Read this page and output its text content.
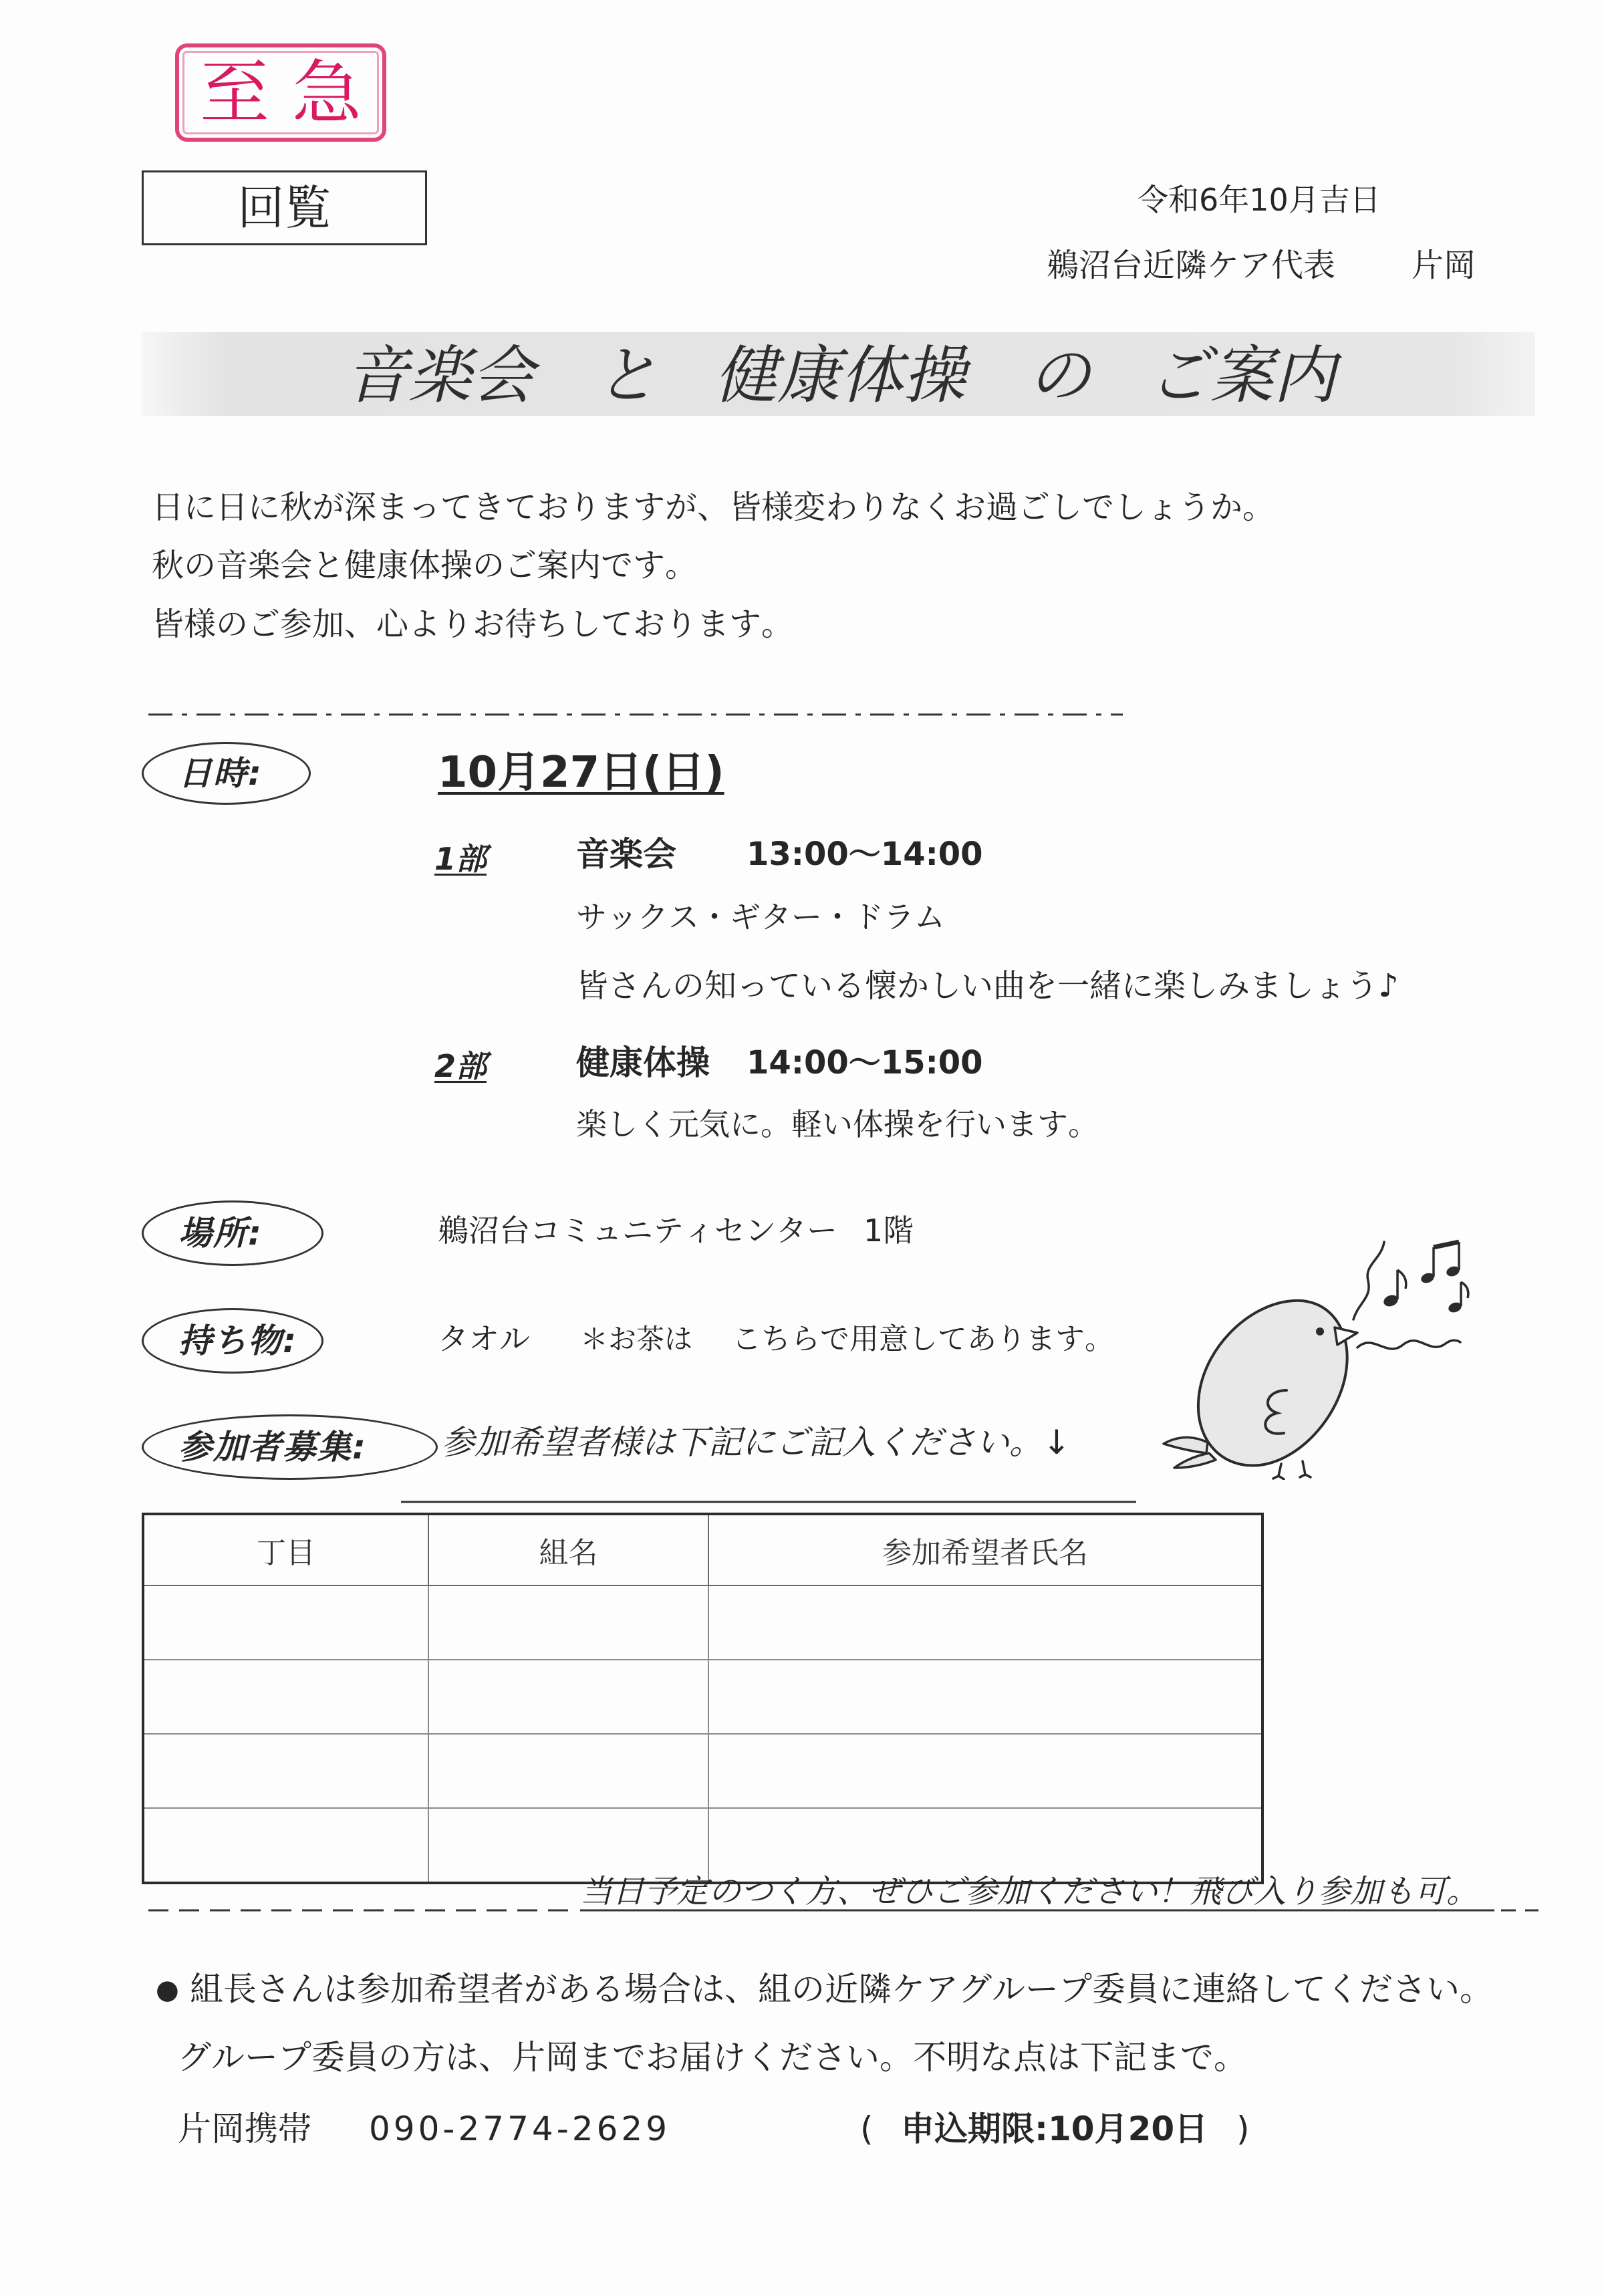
至急
回覧	令和6年10月吉日
鵜沼台近隣ケア代表 片岡
音楽会 と 健康体操 の ご案内
日に日に秋が深まってきておりますが、皆様変わりなくお過ごしでしょうか。
秋の音楽会と健康体操のご案内です。
皆様のご参加、心よりお待ちしております。
日時:	10月27日(日)
1部	音楽会 13:00～14:00
サックス・ギター・ドラム
皆さんの知っている懐かしい曲を一緒に楽しみましょう♪
2部	健康体操 14:00～15:00
楽しく元気に。軽い体操を行います。
場所:	鵜沼台コミュニティセンター 1階
持ち物:	タオル ＊お茶は こちらで用意してあります。
参加者募集: 参加希望者様は下記にご記入ください。↓
丁目	組名	参加希望者氏名

当日予定のつく方、ぜひご参加ください！飛び入り参加も可。
● 組長さんは参加希望者がある場合は、組の近隣ケアグループ委員に連絡してください。
グループ委員の方は、片岡までお届けください。不明な点は下記まで。
片岡携帯 090-2774-2629	( 申込期限:10月20日 )
